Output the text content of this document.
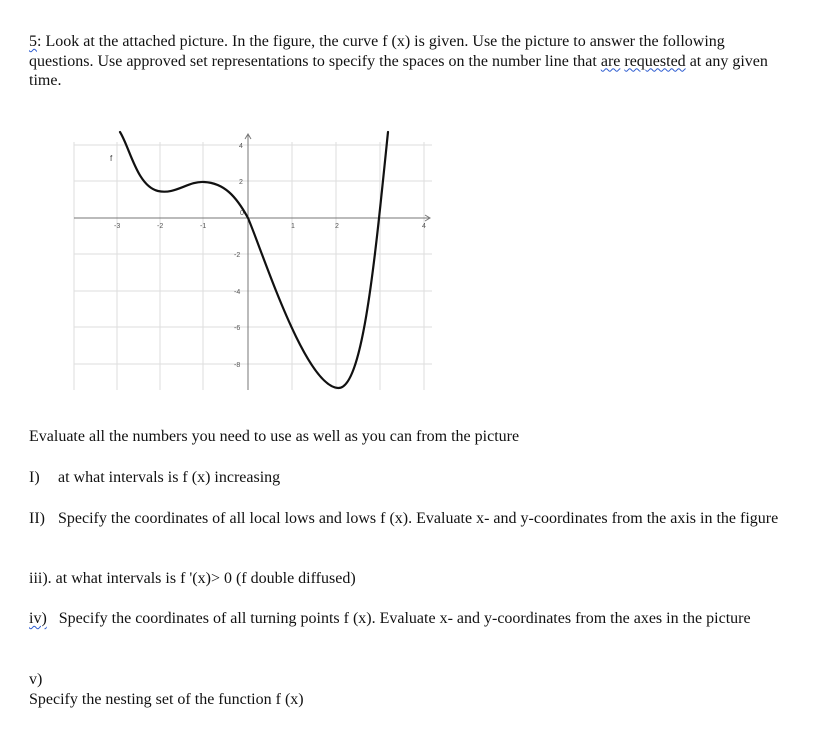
5: Look at the attached picture. In the figure, the curve f (x) is given. Use the picture to answer the following questions. Use approved set representations to specify the spaces on the number line that are requested at any given time.

-3	-2	-1	1	2	4
4
2
-2
-4
-6
-8
0
f
Evaluate all the numbers you need to use as well as you can from the picture
I) at what intervals is f (x) increasing
II) Specify the coordinates of all local lows and lows f (x). Evaluate x- and y-coordinates from the axis in the figure
iii). at what intervals is f '(x)> 0 (f double diffused)
iv) Specify the coordinates of all turning points f (x). Evaluate x- and y-coordinates from the axes in the picture
v)
Specify the nesting set of the function f (x)
